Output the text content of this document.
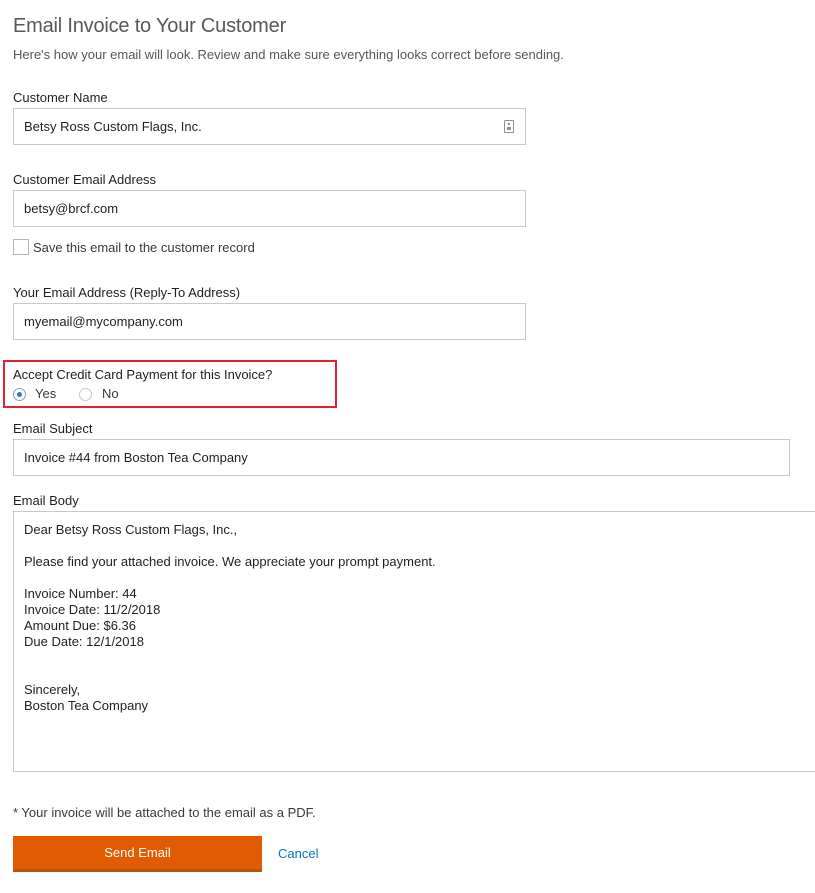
Email Invoice to Your Customer

Here's how your email will look. Review and make sure everything looks correct before sending.

Customer Name
Betsy Ross Custom Flags, Inc.
Customer Email Address
betsy@brcf.com
Save this email to the customer record
Your Email Address (Reply-To Address)
myemail@mycompany.com
Accept Credit Card Payment for this Invoice?
Yes	No
Email Subject
Invoice #44 from Boston Tea Company
Email Body
Dear Betsy Ross Custom Flags, Inc.,

Please find your attached invoice. We appreciate your prompt payment.

Invoice Number: 44
Invoice Date: 11/2/2018
Amount Due: $6.36
Due Date: 12/1/2018

Sincerely,
Boston Tea Company

* Your invoice will be attached to the email as a PDF.

Send Email	Cancel
